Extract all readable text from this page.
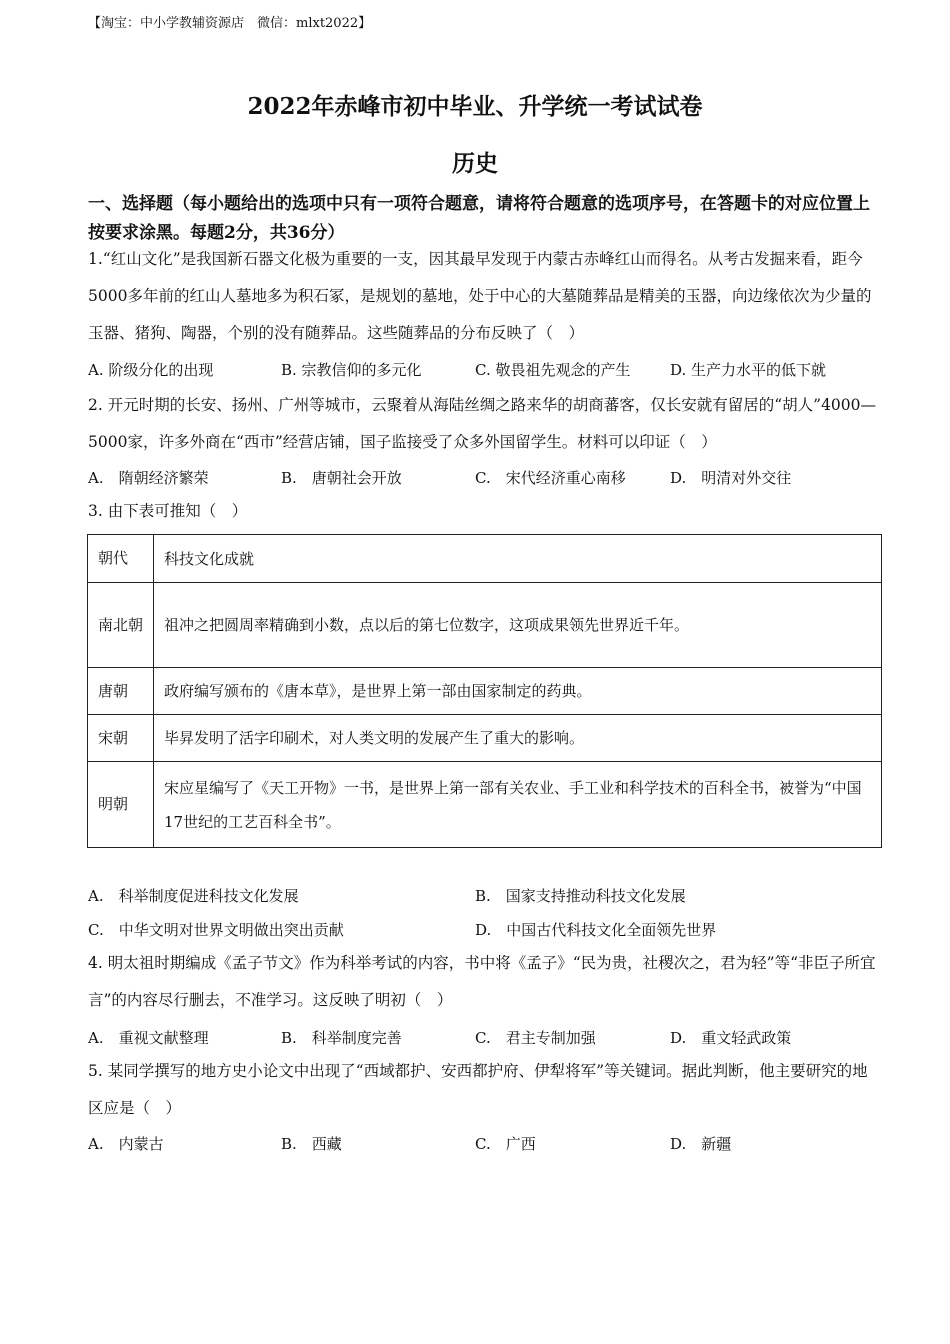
【淘宝：中小学教辅资源店　微信：mlxt2022】
2022年赤峰市初中毕业、升学统一考试试卷
历史
一、选择题（每小题给出的选项中只有一项符合题意，请将符合题意的选项序号，在答题卡的对应位置上按要求涂黑。每题2分，共36分）
1.“红山文化”是我国新石器文化极为重要的一支，因其最早发现于内蒙古赤峰红山而得名。从考古发掘来看，距今5000多年前的红山人墓地多为积石冢，是规划的墓地，处于中心的大墓随葬品是精美的玉器，向边缘依次为少量的玉器、猪狗、陶器，个别的没有随葬品。这些随葬品的分布反映了（　）
A. 阶级分化的出现	B. 宗教信仰的多元化	C. 敬畏祖先观念的产生	D. 生产力水平的低下就
2. 开元时期的长安、扬州、广州等城市，云聚着从海陆丝绸之路来华的胡商蕃客，仅长安就有留居的“胡人”4000—5000家，许多外商在“西市”经营店铺，国子监接受了众多外国留学生。材料可以印证（　）
A.　隋朝经济繁荣	B.　唐朝社会开放	C.　宋代经济重心南移	D.　明清对外交往
3. 由下表可推知（　）
朝代	科技文化成就
南北朝	祖冲之把圆周率精确到小数，点以后的第七位数字，这项成果领先世界近千年。
唐朝	政府编写颁布的《唐本草》，是世界上第一部由国家制定的药典。
宋朝	毕昇发明了活字印刷术，对人类文明的发展产生了重大的影响。
明朝	宋应星编写了《天工开物》一书，是世界上第一部有关农业、手工业和科学技术的百科全书，被誉为“中国17世纪的工艺百科全书”。
A.　科举制度促进科技文化发展	B.　国家支持推动科技文化发展
C.　中华文明对世界文明做出突出贡献	D.　中国古代科技文化全面领先世界
4. 明太祖时期编成《孟子节文》作为科举考试的内容，书中将《孟子》“民为贵，社稷次之，君为轻”等“非臣子所宜言”的内容尽行删去，不准学习。这反映了明初（　）
A.　重视文献整理	B.　科举制度完善	C.　君主专制加强	D.　重文轻武政策
5. 某同学撰写的地方史小论文中出现了“西域都护、安西都护府、伊犁将军”等关键词。据此判断，他主要研究的地区应是（　）
A.　内蒙古	B.　西藏	C.　广西	D.　新疆
